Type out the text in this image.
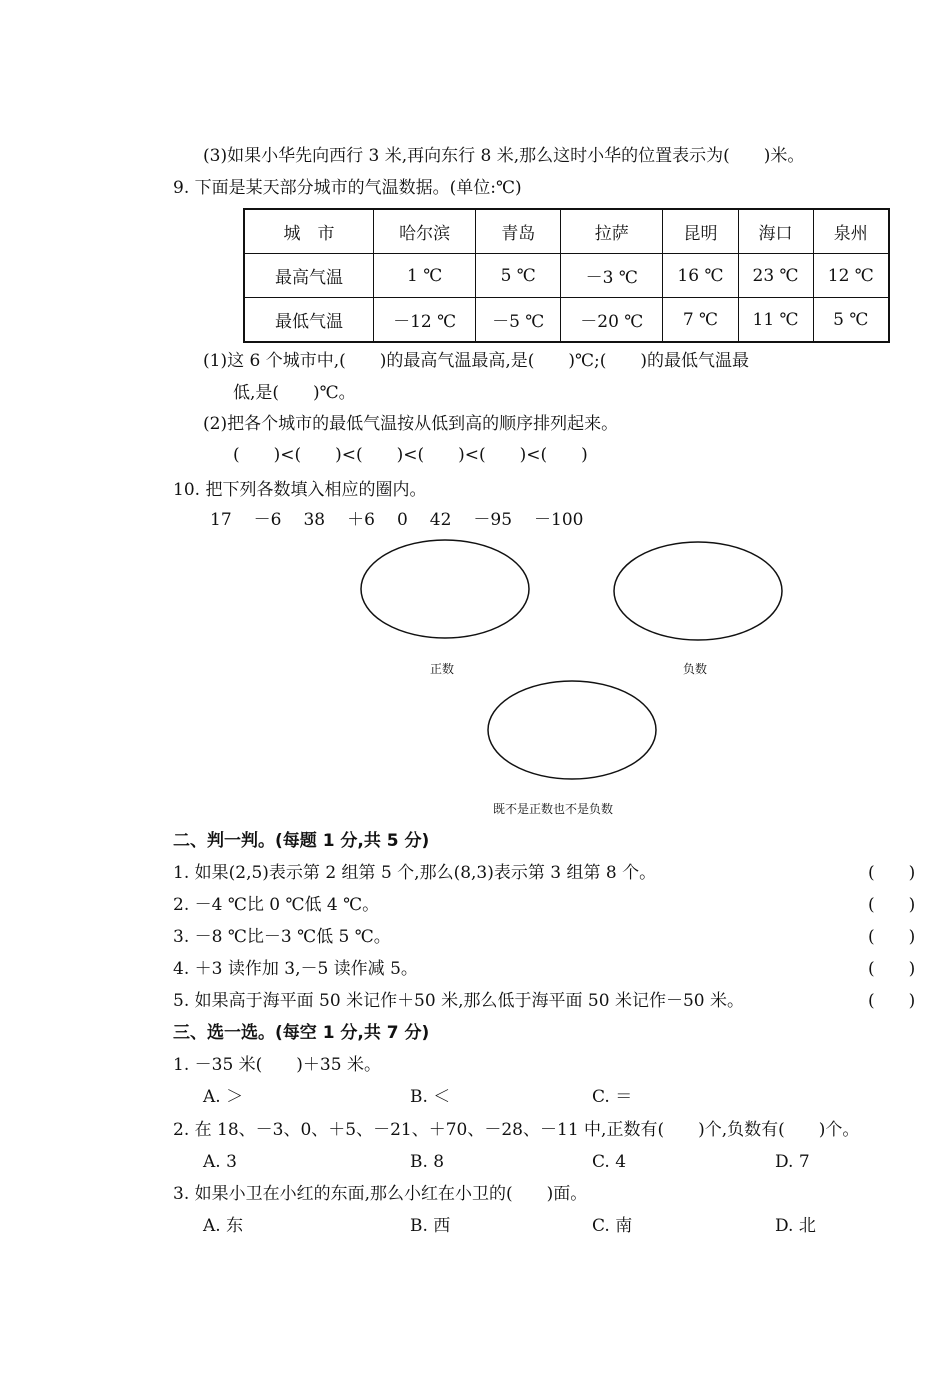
(3)如果小华先向西行 3 米,再向东行 8 米,那么这时小华的位置表示为(　　)米。
9. 下面是某天部分城市的气温数据。(单位:℃)
城　市	哈尔滨	青岛	拉萨	昆明	海口	泉州
最高气温	1 ℃	5 ℃	－3 ℃	16 ℃	23 ℃	12 ℃
最低气温	－12 ℃	－5 ℃	－20 ℃	7 ℃	11 ℃	5 ℃
(1)这 6 个城市中,(　　)的最高气温最高,是(　　)℃;(　　)的最低气温最
低,是(　　)℃。
(2)把各个城市的最低气温按从低到高的顺序排列起来。
(　　)<(　　)<(　　)<(　　)<(　　)<(　　)
10. 把下列各数填入相应的圈内。
17 －6 38 ＋6 0 42 －95 －100
正数	负数
既不是正数也不是负数
二、判一判。(每题 1 分,共 5 分)
1. 如果(2,5)表示第 2 组第 5 个,那么(8,3)表示第 3 组第 8 个。	(　　)
2. －4 ℃比 0 ℃低 4 ℃。	(　　)
3. －8 ℃比－3 ℃低 5 ℃。	(　　)
4. ＋3 读作加 3,－5 读作减 5。	(　　)
5. 如果高于海平面 50 米记作＋50 米,那么低于海平面 50 米记作－50 米。	(　　)
三、选一选。(每空 1 分,共 7 分)
1. －35 米(　　)＋35 米。
A. ＞	B. ＜	C. ＝
2. 在 18、－3、0、＋5、－21、＋70、－28、－11 中,正数有(　　)个,负数有(　　)个。
A. 3	B. 8	C. 4	D. 7
3. 如果小卫在小红的东面,那么小红在小卫的(　　)面。
A. 东	B. 西	C. 南	D. 北
